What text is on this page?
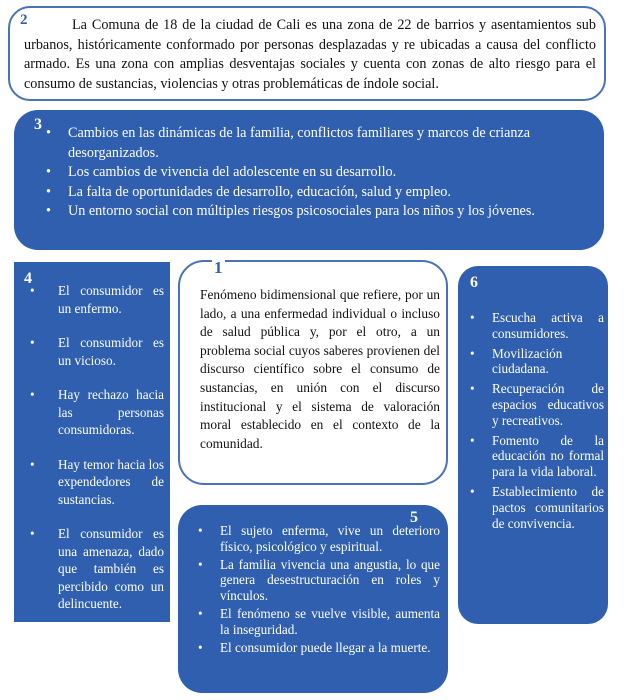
2	La Comuna de 18 de la ciudad de Cali es una zona de 22 de barrios y asentamientos sub urbanos, históricamente conformado por personas desplazadas y re ubicadas a causa del conflicto armado. Es una zona con amplias desventajas sociales y cuenta con zonas de alto riesgo para el consumo de sustancias, violencias y otras problemáticas de índole social.

3 • Cambios en las dinámicas de la familia, conflictos familiares y marcos de crianza desorganizados.
• Los cambios de vivencia del adolescente en su desarrollo.
• La falta de oportunidades de desarrollo, educación, salud y empleo.
• Un entorno social con múltiples riesgos psicosociales para los niños y los jóvenes.
4
• El consumidor es un enfermo.
• El consumidor es un vicioso.
• Hay rechazo hacia las personas consumidoras.
• Hay temor hacia los expendedores de sustancias.
• El consumidor es una amenaza, dado que también es percibido como un delincuente.
1

Fenómeno bidimensional que refiere, por un lado, a una enfermedad individual o incluso de salud pública y, por el otro, a un problema social cuyos saberes provienen del discurso científico sobre el consumo de sustancias, en unión con el discurso institucional y el sistema de valoración moral establecido en el contexto de la comunidad.

6
• Escucha activa a consumidores.
• Movilización ciudadana.
• Recuperación de espacios educativos y recreativos.
• Fomento de la educación no formal para la vida laboral.
• Establecimiento de pactos comunitarios de convivencia.
5
• El sujeto enferma, vive un deterioro físico, psicológico y espiritual.
• La familia vivencia una angustia, lo que genera desestructuración en roles y vínculos.
• El fenómeno se vuelve visible, aumenta la inseguridad.
• El consumidor puede llegar a la muerte.
